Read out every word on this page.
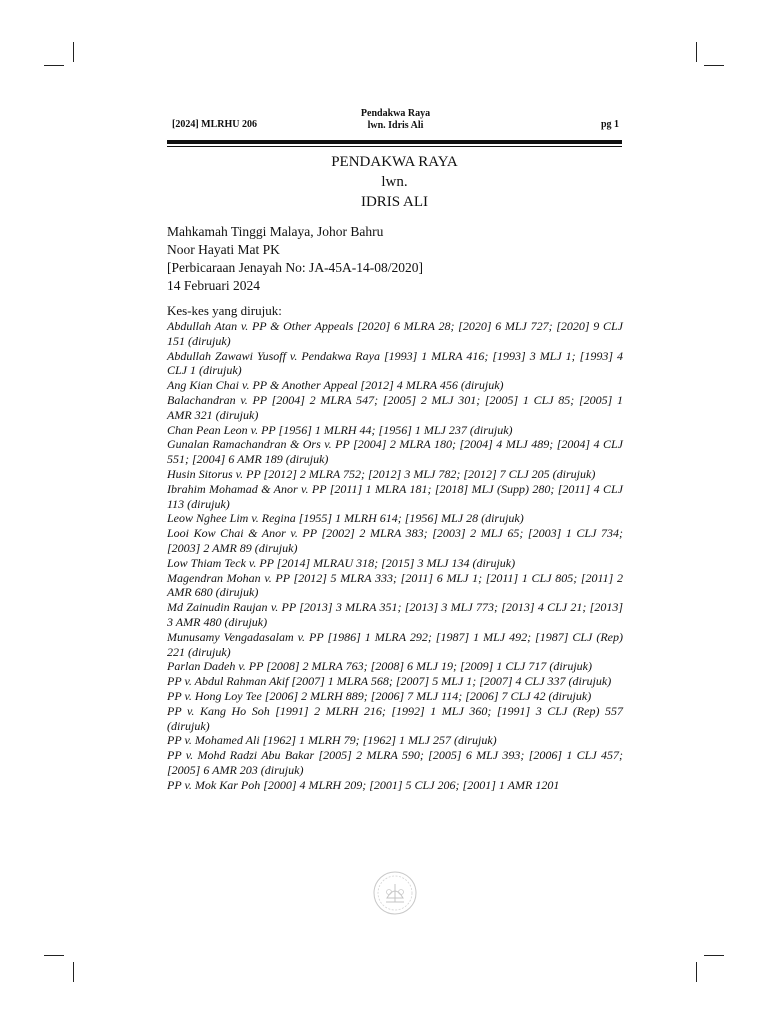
[2024] MLRHU 206
Pendakwa Raya
lwn. Idris Ali	pg 1
PENDAKWA RAYA
lwn.
IDRIS ALI
Mahkamah Tinggi Malaya, Johor Bahru
Noor Hayati Mat PK
[Perbicaraan Jenayah No: JA-45A-14-08/2020]
14 Februari 2024
Kes-kes yang dirujuk:
Abdullah Atan v. PP & Other Appeals [2020] 6 MLRA 28; [2020] 6 MLJ 727; [2020] 9 CLJ 151 (dirujuk)
Abdullah Zawawi Yusoff v. Pendakwa Raya [1993] 1 MLRA 416; [1993] 3 MLJ 1; [1993] 4 CLJ 1 (dirujuk)
Ang Kian Chai v. PP & Another Appeal [2012] 4 MLRA 456 (dirujuk)
Balachandran v. PP [2004] 2 MLRA 547; [2005] 2 MLJ 301; [2005] 1 CLJ 85; [2005] 1 AMR 321 (dirujuk)
Chan Pean Leon v. PP [1956] 1 MLRH 44; [1956] 1 MLJ 237 (dirujuk)
Gunalan Ramachandran & Ors v. PP [2004] 2 MLRA 180; [2004] 4 MLJ 489; [2004] 4 CLJ 551; [2004] 6 AMR 189 (dirujuk)
Husin Sitorus v. PP [2012] 2 MLRA 752; [2012] 3 MLJ 782; [2012] 7 CLJ 205 (dirujuk)
Ibrahim Mohamad & Anor v. PP [2011] 1 MLRA 181; [2018] MLJ (Supp) 280; [2011] 4 CLJ 113 (dirujuk)
Leow Nghee Lim v. Regina [1955] 1 MLRH 614; [1956] MLJ 28 (dirujuk)
Looi Kow Chai & Anor v. PP [2002] 2 MLRA 383; [2003] 2 MLJ 65; [2003] 1 CLJ 734; [2003] 2 AMR 89 (dirujuk)
Low Thiam Teck v. PP [2014] MLRAU 318; [2015] 3 MLJ 134 (dirujuk)
Magendran Mohan v. PP [2012] 5 MLRA 333; [2011] 6 MLJ 1; [2011] 1 CLJ 805; [2011] 2 AMR 680 (dirujuk)
Md Zainudin Raujan v. PP [2013] 3 MLRA 351; [2013] 3 MLJ 773; [2013] 4 CLJ 21; [2013] 3 AMR 480 (dirujuk)
Munusamy Vengadasalam v. PP [1986] 1 MLRA 292; [1987] 1 MLJ 492; [1987] CLJ (Rep) 221 (dirujuk)
Parlan Dadeh v. PP [2008] 2 MLRA 763; [2008] 6 MLJ 19; [2009] 1 CLJ 717 (dirujuk)
PP v. Abdul Rahman Akif [2007] 1 MLRA 568; [2007] 5 MLJ 1; [2007] 4 CLJ 337 (dirujuk)
PP v. Hong Loy Tee [2006] 2 MLRH 889; [2006] 7 MLJ 114; [2006] 7 CLJ 42 (dirujuk)
PP v. Kang Ho Soh [1991] 2 MLRH 216; [1992] 1 MLJ 360; [1991] 3 CLJ (Rep) 557 (dirujuk)
PP v. Mohamed Ali [1962] 1 MLRH 79; [1962] 1 MLJ 257 (dirujuk)
PP v. Mohd Radzi Abu Bakar [2005] 2 MLRA 590; [2005] 6 MLJ 393; [2006] 1 CLJ 457; [2005] 6 AMR 203 (dirujuk)
PP v. Mok Kar Poh [2000] 4 MLRH 209; [2001] 5 CLJ 206; [2001] 1 AMR 1201
